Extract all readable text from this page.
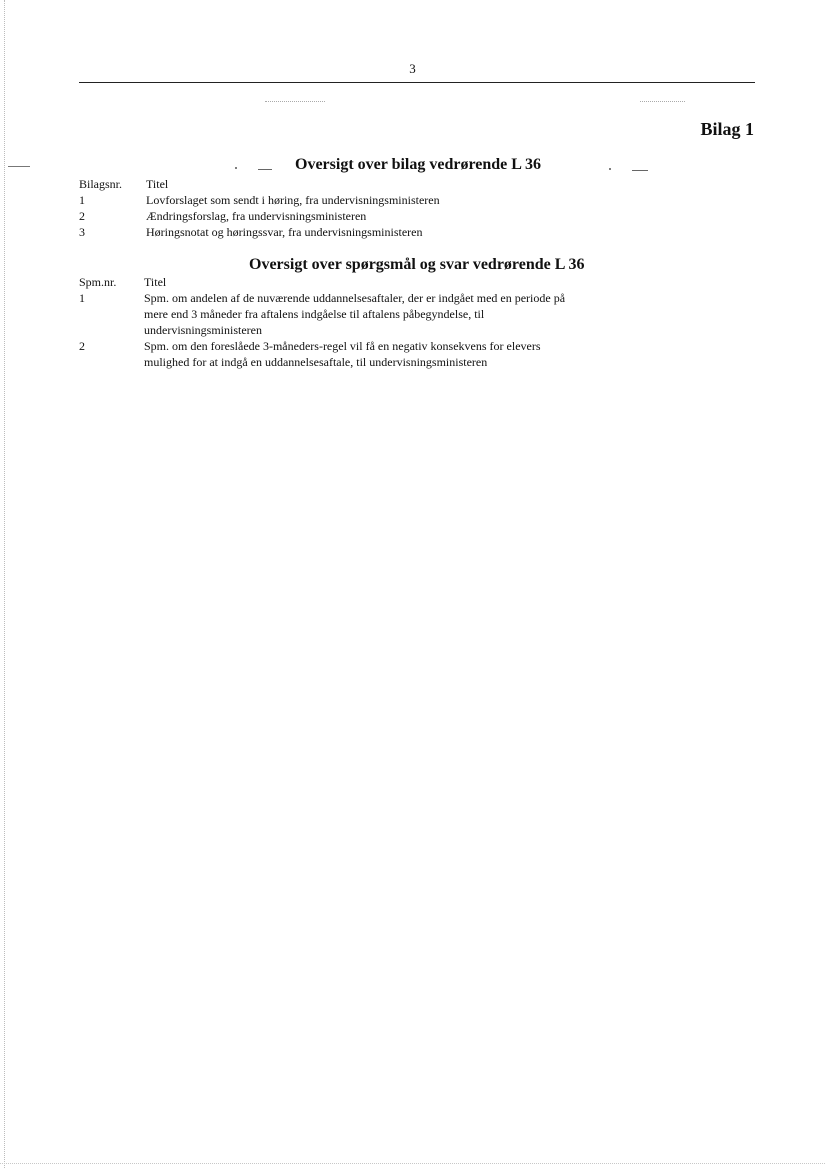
3
Bilag 1
Oversigt over bilag vedrørende L 36
Bilagsnr.	Titel
1	Lovforslaget som sendt i høring, fra undervisningsministeren
2	Ændringsforslag, fra undervisningsministeren
3	Høringsnotat og høringssvar, fra undervisningsministeren
Oversigt over spørgsmål og svar vedrørende L 36
Spm.nr.	Titel
1	Spm. om andelen af de nuværende uddannelsesaftaler, der er indgået med en periode på mere end 3 måneder fra aftalens indgåelse til aftalens påbegyndelse, til undervisningsministeren
2	Spm. om den foreslåede 3-måneders-regel vil få en negativ konsekvens for elevers mulighed for at indgå en uddannelsesaftale, til undervisningsministeren
